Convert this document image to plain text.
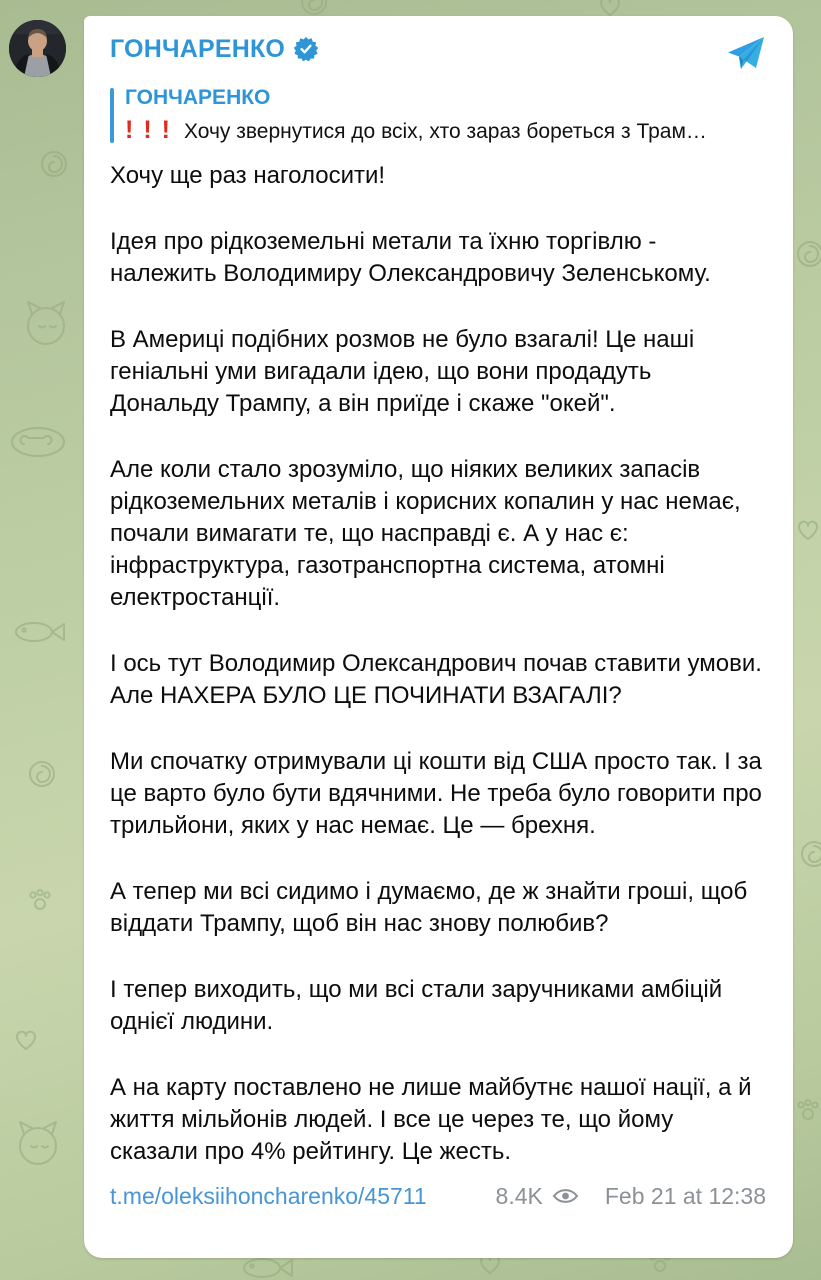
ГОНЧАРЕНКО
ГОНЧАРЕНКО
!!! Хочу звернутися до всіх, хто зараз бореться з Трам…

Хочу ще раз наголосити!

Ідея про рідкоземельні метали та їхню торгівлю - належить Володимиру Олександровичу Зеленському.

В Америці подібних розмов не було взагалі! Це наші геніальні уми вигадали ідею, що вони продадуть Дональду Трампу, а він приїде і скаже "окей".

Але коли стало зрозуміло, що ніяких великих запасів рідкоземельних металів і корисних копалин у нас немає, почали вимагати те, що насправді є. А у нас є: інфраструктура, газотранспортна система, атомні електростанції.

І ось тут Володимир Олександрович почав ставити умови. Але НАХЕРА БУЛО ЦЕ ПОЧИНАТИ ВЗАГАЛІ?

Ми спочатку отримували ці кошти від США просто так. І за це варто було бути вдячними. Не треба було говорити про трильйони, яких у нас немає. Це — брехня.

А тепер ми всі сидимо і думаємо, де ж знайти гроші, щоб віддати Трампу, щоб він нас знову полюбив?

І тепер виходить, що ми всі стали заручниками амбіцій однієї людини.

А на карту поставлено не лише майбутнє нашої нації, а й життя мільйонів людей. І все це через те, що йому сказали про 4% рейтингу. Це жесть.

t.me/oleksiihoncharenko/45711	8.4K	Feb 21 at 12:38
